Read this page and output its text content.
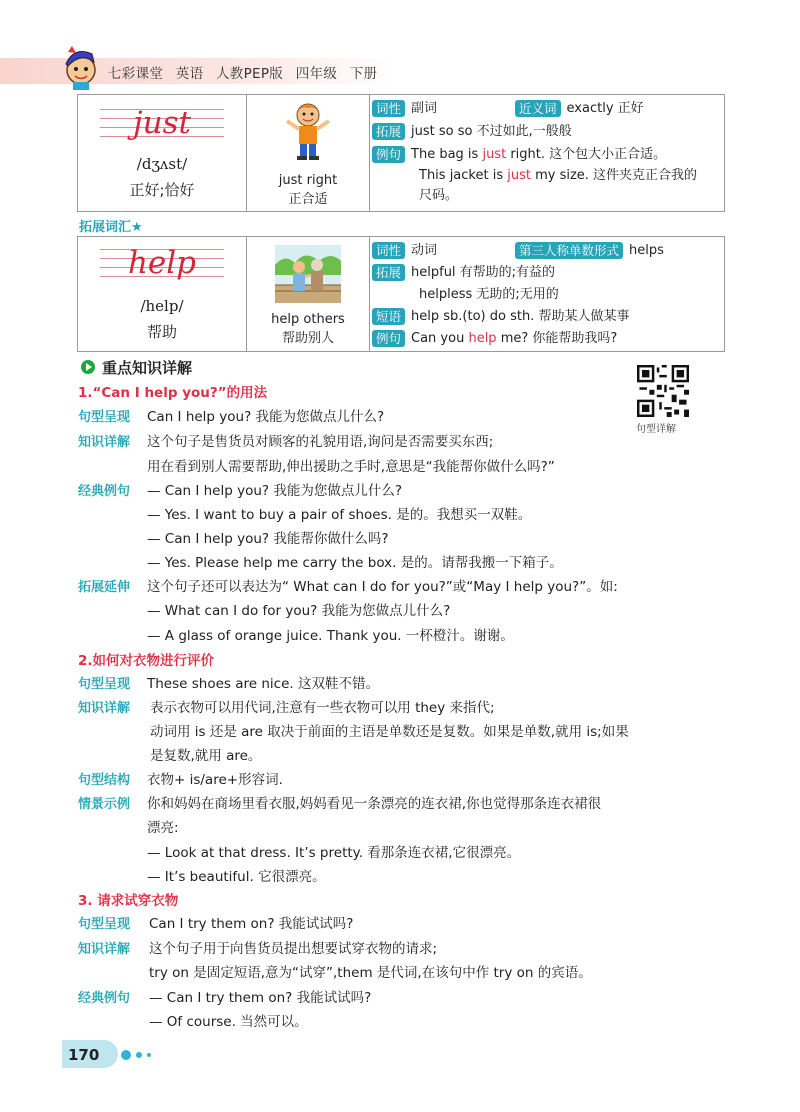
七彩课堂 英语 人教PEP版 四年级 下册
just
/dʒʌst/
正好;恰好

just right
正合适

词性 副词	近义词 exactly 正好
拓展 just so so 不过如此,一般般
例句 The bag is just right. 这个包大小正合适。
This jacket is just my size. 这件夹克正合我的
尺码。
拓展词汇★
help
/help/
帮助

help others
帮助别人

词性 动词	第三人称单数形式 helps
拓展 helpful 有帮助的;有益的
helpless 无助的;无用的
短语 help sb.(to) do sth. 帮助某人做某事
例句 Can you help me? 你能帮助我吗?
重点知识详解
句型详解
1.“Can I help you?”的用法
句型呈现 Can I help you? 我能为您做点儿什么?
知识详解 这个句子是售货员对顾客的礼貌用语,询问是否需要买东西;
用在看到别人需要帮助,伸出援助之手时,意思是“我能帮你做什么吗?”
经典例句 — Can I help you? 我能为您做点儿什么?
— Yes. I want to buy a pair of shoes. 是的。我想买一双鞋。
— Can I help you? 我能帮你做什么吗?
— Yes. Please help me carry the box. 是的。请帮我搬一下箱子。
拓展延伸 这个句子还可以表达为“ What can I do for you?”或“May I help you?”。如:
— What can I do for you? 我能为您做点儿什么?
— A glass of orange juice. Thank you. 一杯橙汁。谢谢。
2.如何对衣物进行评价
句型呈现 These shoes are nice. 这双鞋不错。
知识详解 表示衣物可以用代词,注意有一些衣物可以用 they 来指代;
动词用 is 还是 are 取决于前面的主语是单数还是复数。如果是单数,就用 is;如果
是复数,就用 are。
句型结构 衣物+ is/are+形容词.
情景示例 你和妈妈在商场里看衣服,妈妈看见一条漂亮的连衣裙,你也觉得那条连衣裙很
漂亮:
— Look at that dress. It’s pretty. 看那条连衣裙,它很漂亮。
— It’s beautiful. 它很漂亮。
3. 请求试穿衣物
句型呈现 Can I try them on? 我能试试吗?
知识详解 这个句子用于向售货员提出想要试穿衣物的请求;
try on 是固定短语,意为“试穿”,them 是代词,在该句中作 try on 的宾语。
经典例句 — Can I try them on? 我能试试吗?
— Of course. 当然可以。
170
